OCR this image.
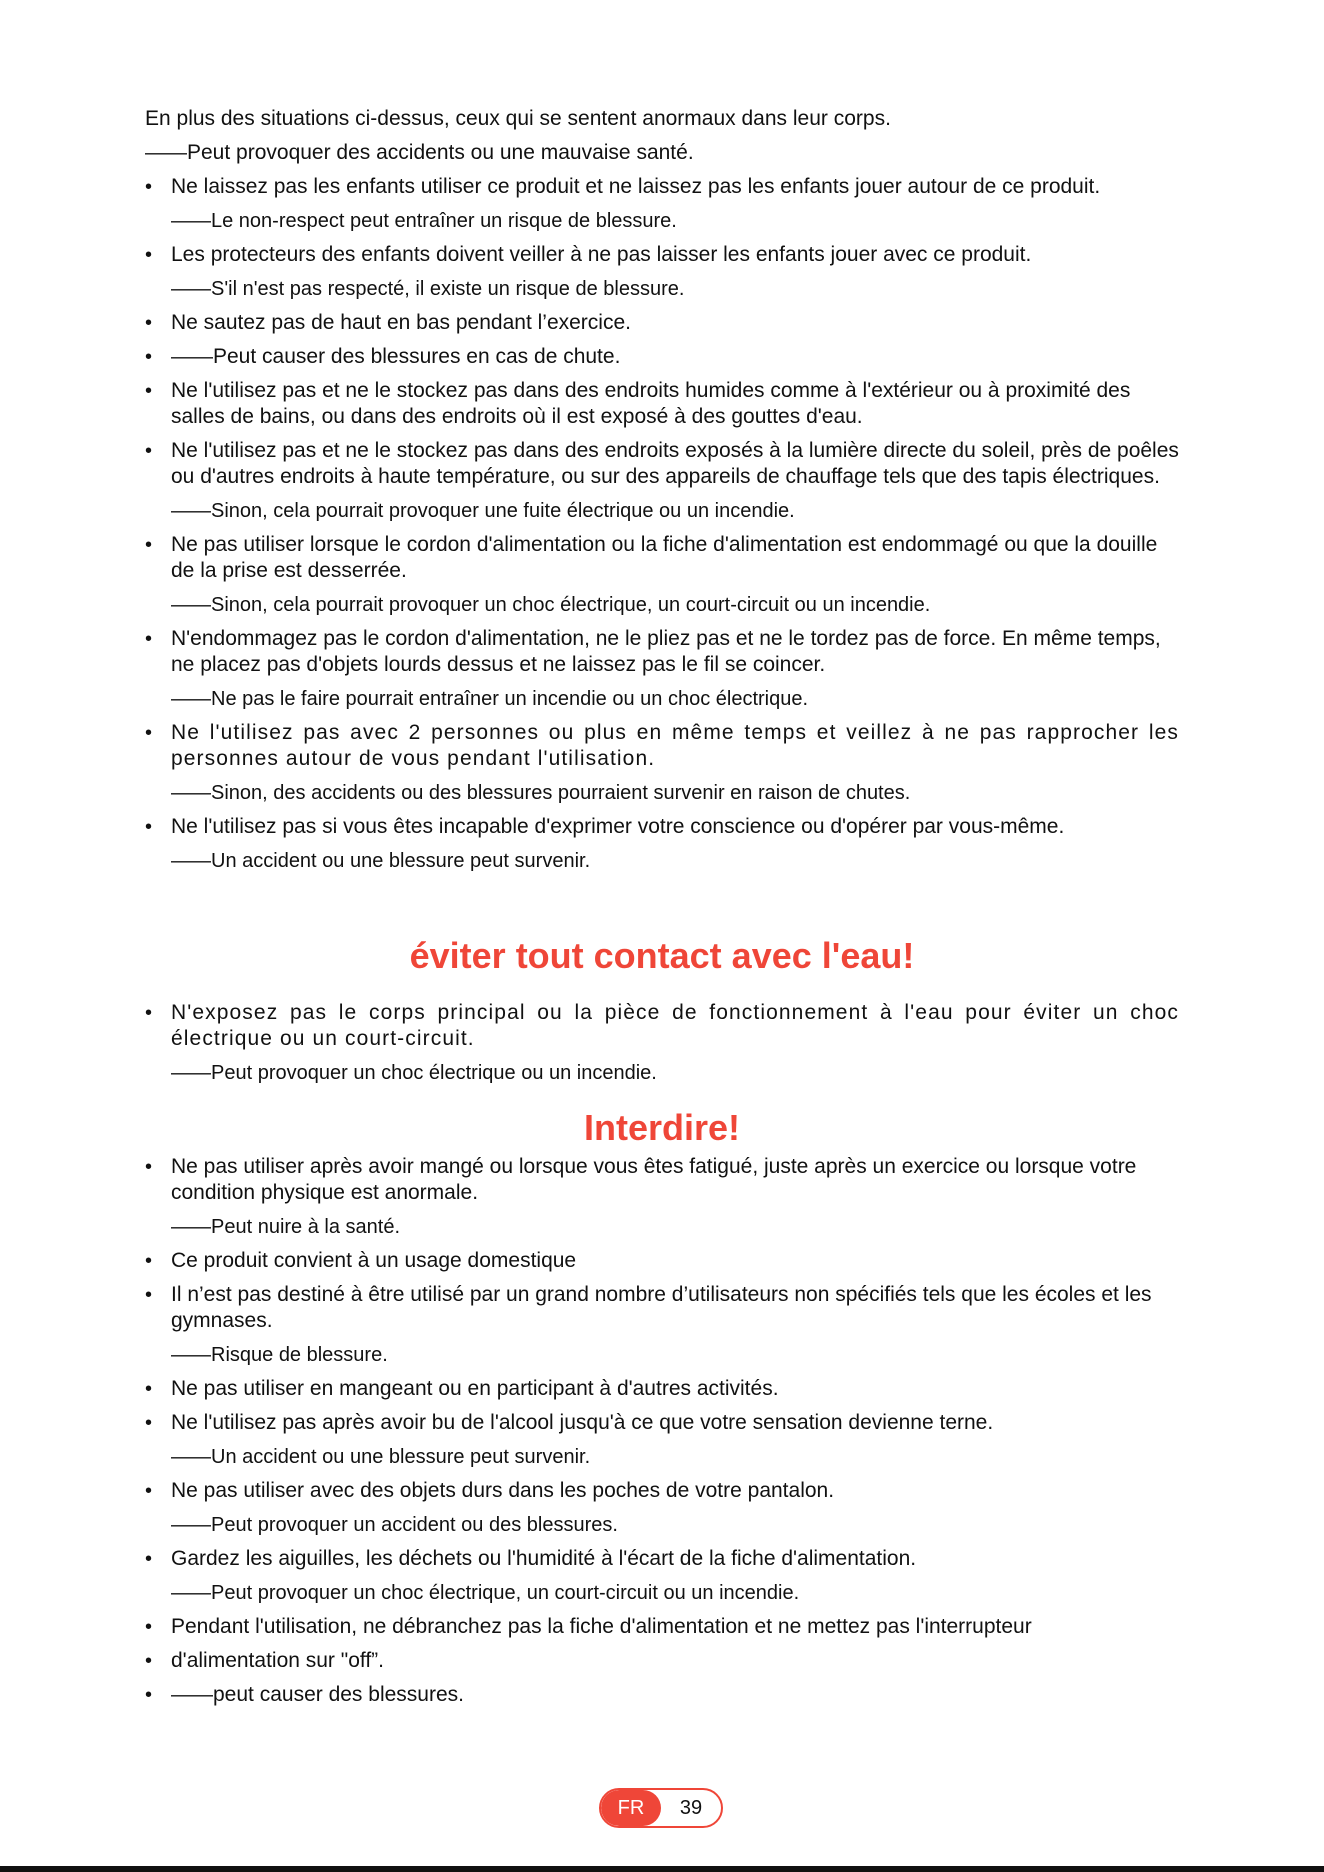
En plus des situations ci-dessus, ceux qui se sentent anormaux dans leur corps.
——Peut provoquer des accidents ou une mauvaise santé.
• Ne laissez pas les enfants utiliser ce produit et ne laissez pas les enfants jouer autour de ce produit.
——Le non-respect peut entraîner un risque de blessure.
• Les protecteurs des enfants doivent veiller à ne pas laisser les enfants jouer avec ce produit.
——S'il n'est pas respecté, il existe un risque de blessure.
• Ne sautez pas de haut en bas pendant l’exercice.
• ——Peut causer des blessures en cas de chute.
• Ne l'utilisez pas et ne le stockez pas dans des endroits humides comme à l'extérieur ou à proximité des salles de bains, ou dans des endroits où il est exposé à des gouttes d'eau.
• Ne l'utilisez pas et ne le stockez pas dans des endroits exposés à la lumière directe du soleil, près de poêles ou d'autres endroits à haute température, ou sur des appareils de chauffage tels que des tapis électriques.
——Sinon, cela pourrait provoquer une fuite électrique ou un incendie.
• Ne pas utiliser lorsque le cordon d'alimentation ou la fiche d'alimentation est endommagé ou que la douille de la prise est desserrée.
——Sinon, cela pourrait provoquer un choc électrique, un court-circuit ou un incendie.
• N'endommagez pas le cordon d'alimentation, ne le pliez pas et ne le tordez pas de force. En même temps, ne placez pas d'objets lourds dessus et ne laissez pas le fil se coincer.
——Ne pas le faire pourrait entraîner un incendie ou un choc électrique.
• Ne l'utilisez pas avec 2 personnes ou plus en même temps et veillez à ne pas rapprocher les personnes autour de vous pendant l'utilisation.
——Sinon, des accidents ou des blessures pourraient survenir en raison de chutes.
• Ne l'utilisez pas si vous êtes incapable d'exprimer votre conscience ou d'opérer par vous-même.
——Un accident ou une blessure peut survenir.
éviter tout contact avec l'eau!
• N'exposez pas le corps principal ou la pièce de fonctionnement à l'eau pour éviter un choc électrique ou un court-circuit.
——Peut provoquer un choc électrique ou un incendie.
Interdire!
• Ne pas utiliser après avoir mangé ou lorsque vous êtes fatigué, juste après un exercice ou lorsque votre condition physique est anormale.
——Peut nuire à la santé.
• Ce produit convient à un usage domestique
• Il n’est pas destiné à être utilisé par un grand nombre d’utilisateurs non spécifiés tels que les écoles et les gymnases.
——Risque de blessure.
• Ne pas utiliser en mangeant ou en participant à d'autres activités.
• Ne l'utilisez pas après avoir bu de l'alcool jusqu'à ce que votre sensation devienne terne.
——Un accident ou une blessure peut survenir.
• Ne pas utiliser avec des objets durs dans les poches de votre pantalon.
——Peut provoquer un accident ou des blessures.
• Gardez les aiguilles, les déchets ou l'humidité à l'écart de la fiche d'alimentation.
——Peut provoquer un choc électrique, un court-circuit ou un incendie.
• Pendant l'utilisation, ne débranchez pas la fiche d'alimentation et ne mettez pas l'interrupteur
• d'alimentation sur "off”.
• ——peut causer des blessures.
FR	39
